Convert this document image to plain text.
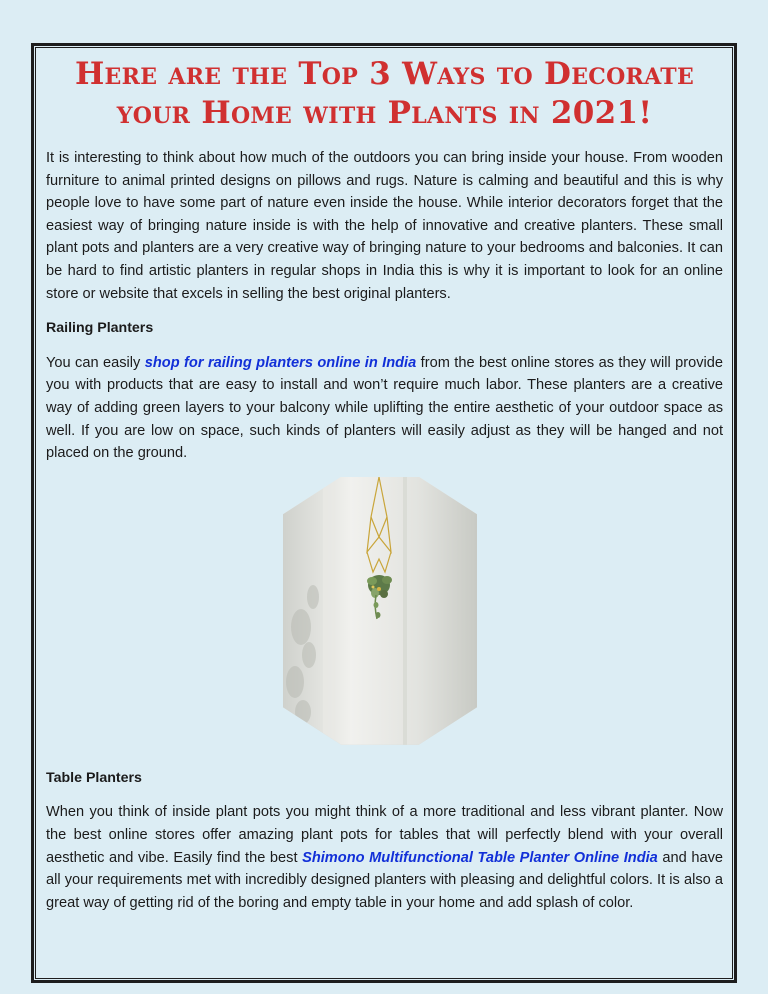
Here are the Top 3 Ways to Decorate your Home with Plants in 2021!

It is interesting to think about how much of the outdoors you can bring inside your house. From wooden furniture to animal printed designs on pillows and rugs. Nature is calming and beautiful and this is why people love to have some part of nature even inside the house. While interior decorators forget that the easiest way of bringing nature inside is with the help of innovative and creative planters. These small plant pots and planters are a very creative way of bringing nature to your bedrooms and balconies. It can be hard to find artistic planters in regular shops in India this is why it is important to look for an online store or website that excels in selling the best original planters.

Railing Planters

You can easily shop for railing planters online in India from the best online stores as they will provide you with products that are easy to install and won’t require much labor. These planters are a creative way of adding green layers to your balcony while uplifting the entire aesthetic of your outdoor space as well. If you are low on space, such kinds of planters will easily adjust as they will be hanged and not placed on the ground.

Table Planters

When you think of inside plant pots you might think of a more traditional and less vibrant planter. Now the best online stores offer amazing plant pots for tables that will perfectly blend with your overall aesthetic and vibe. Easily find the best Shimono Multifunctional Table Planter Online India and have all your requirements met with incredibly designed planters with pleasing and delightful colors. It is also a great way of getting rid of the boring and empty table in your home and add splash of color.
